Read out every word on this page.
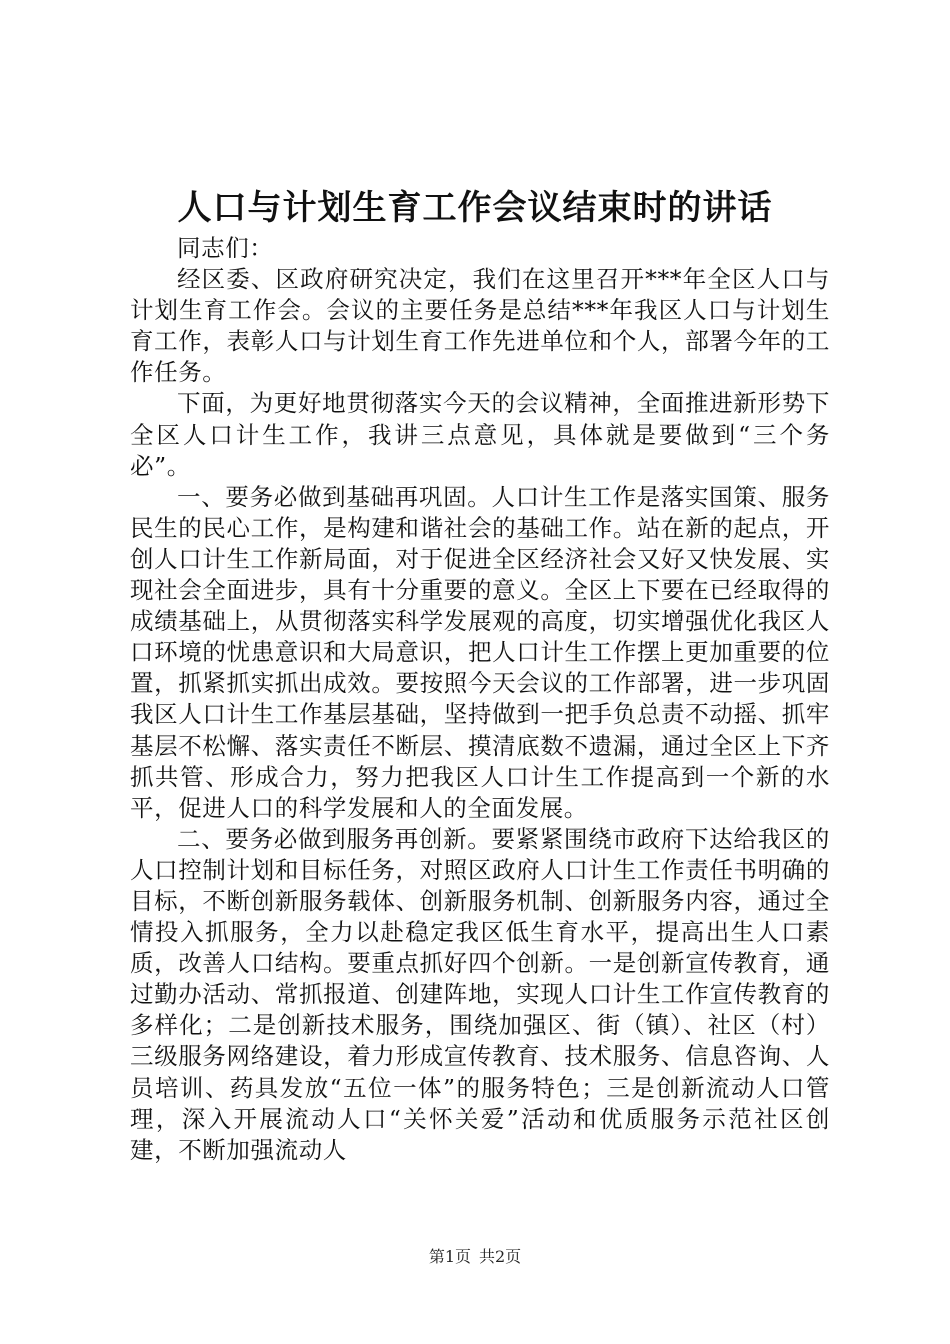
人口与计划生育工作会议结束时的讲话

同志们：

经区委、区政府研究决定，我们在这里召开***年全区人口与计划生育工作会。会议的主要任务是总结***年我区人口与计划生育工作，表彰人口与计划生育工作先进单位和个人，部署今年的工作任务。

下面，为更好地贯彻落实今天的会议精神，全面推进新形势下全区人口计生工作，我讲三点意见，具体就是要做到“三个务必”。

一、要务必做到基础再巩固。人口计生工作是落实国策、服务民生的民心工作，是构建和谐社会的基础工作。站在新的起点，开创人口计生工作新局面，对于促进全区经济社会又好又快发展、实现社会全面进步，具有十分重要的意义。全区上下要在已经取得的成绩基础上，从贯彻落实科学发展观的高度，切实增强优化我区人口环境的忧患意识和大局意识，把人口计生工作摆上更加重要的位置，抓紧抓实抓出成效。要按照今天会议的工作部署，进一步巩固我区人口计生工作基层基础，坚持做到一把手负总责不动摇、抓牢基层不松懈、落实责任不断层、摸清底数不遗漏，通过全区上下齐抓共管、形成合力，努力把我区人口计生工作提高到一个新的水平，促进人口的科学发展和人的全面发展。

二、要务必做到服务再创新。要紧紧围绕市政府下达给我区的人口控制计划和目标任务，对照区政府人口计生工作责任书明确的目标，不断创新服务载体、创新服务机制、创新服务内容，通过全情投入抓服务，全力以赴稳定我区低生育水平，提高出生人口素质，改善人口结构。要重点抓好四个创新。一是创新宣传教育，通过勤办活动、常抓报道、创建阵地，实现人口计生工作宣传教育的多样化；二是创新技术服务，围绕加强区、街（镇）、社区（村）三级服务网络建设，着力形成宣传教育、技术服务、信息咨询、人员培训、药具发放“五位一体”的服务特色；三是创新流动人口管理，深入开展流动人口“关怀关爱”活动和优质服务示范社区创建，不断加强流动人

第1页 共2页
